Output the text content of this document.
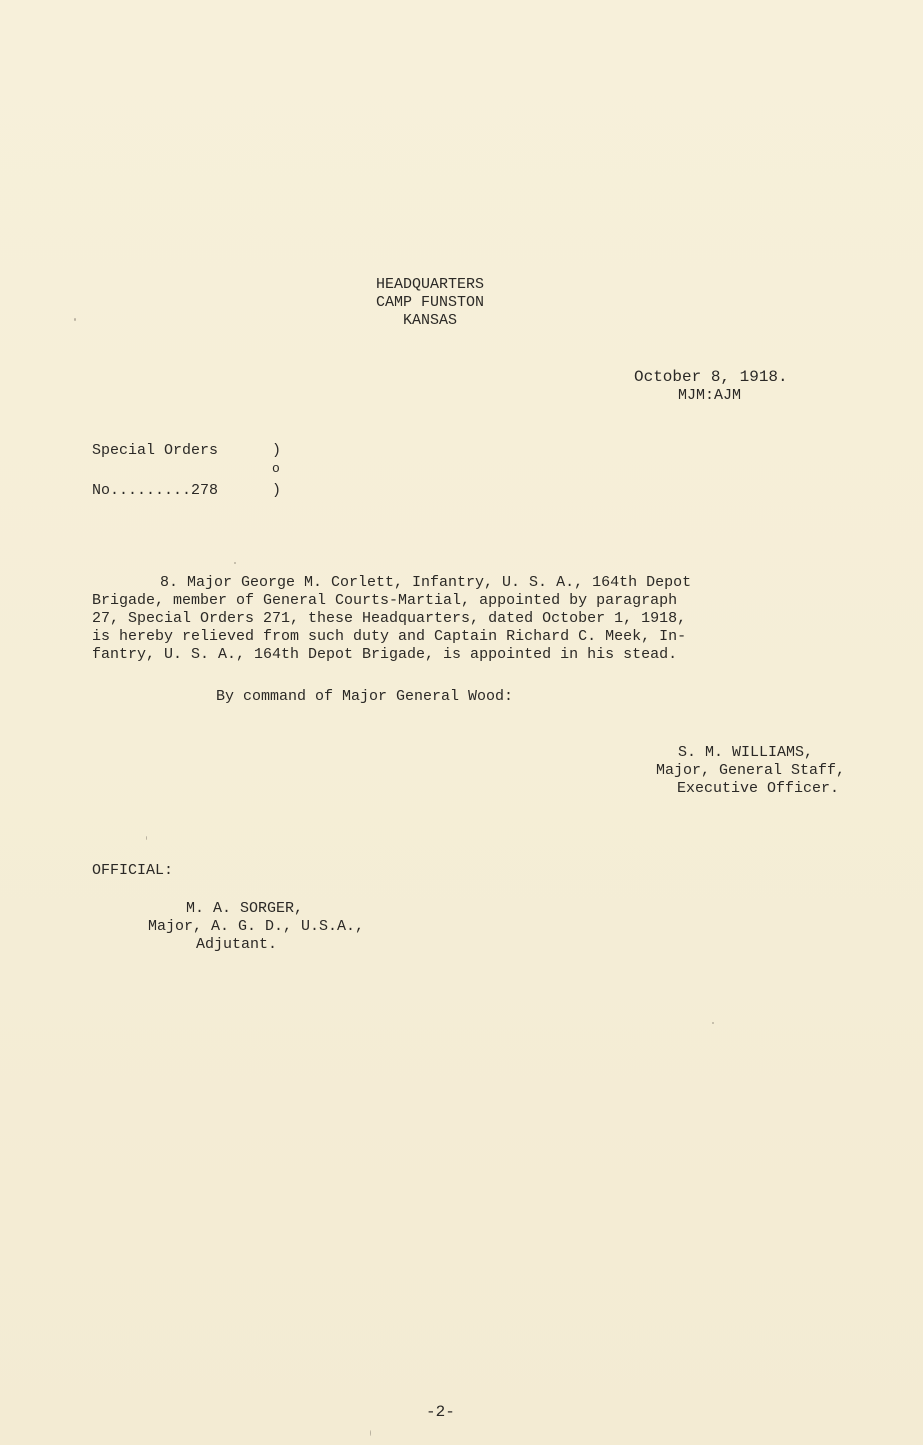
HEADQUARTERS
CAMP FUNSTON
KANSAS
October 8, 1918.
MJM:AJM
Special Orders	)
o
No.........278	)
8. Major George M. Corlett, Infantry, U. S. A., 164th Depot
Brigade, member of General Courts-Martial, appointed by paragraph
27, Special Orders 271, these Headquarters, dated October 1, 1918,
is hereby relieved from such duty and Captain Richard C. Meek, In-
fantry, U. S. A., 164th Depot Brigade, is appointed in his stead.
By command of Major General Wood:
S. M. WILLIAMS,
Major, General Staff,
Executive Officer.
OFFICIAL:
M. A. SORGER,
Major, A. G. D., U.S.A.,
Adjutant.
-2-
